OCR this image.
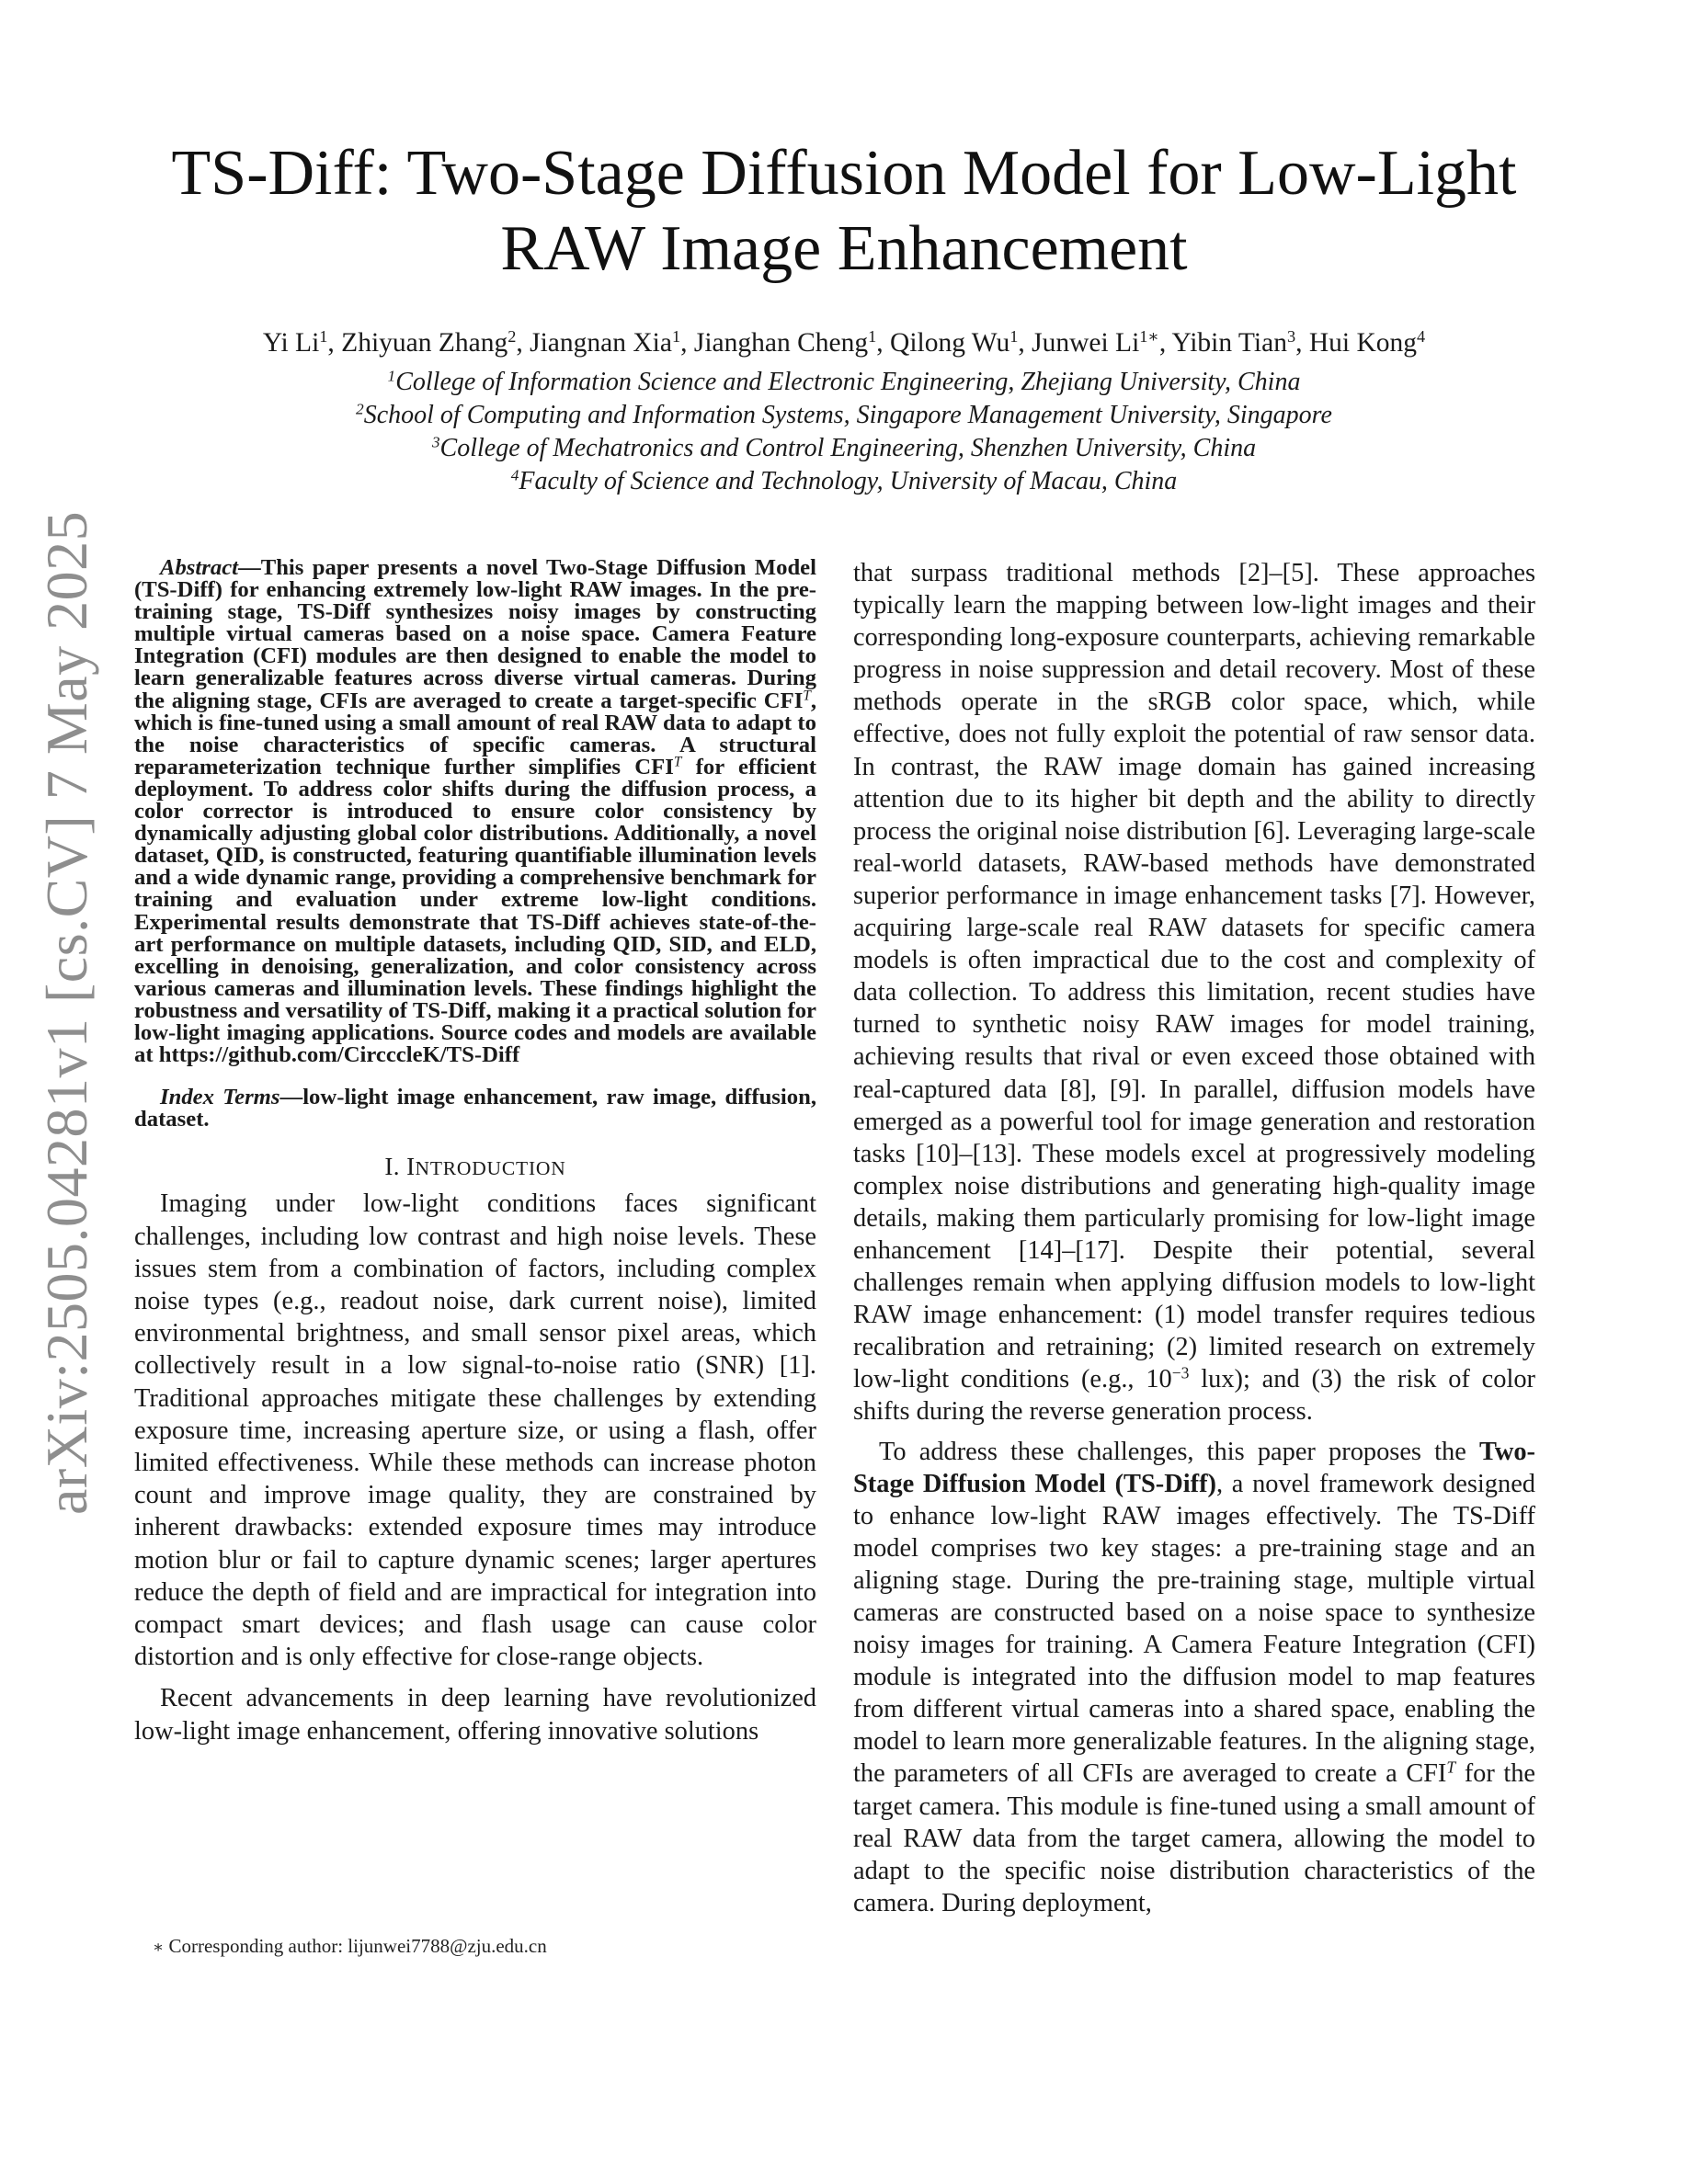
TS-Diff: Two-Stage Diffusion Model for Low-Light
RAW Image Enhancement
Yi Li$^1$, Zhiyuan Zhang$^2$, Jiangnan Xia$^1$, Jianghan Cheng$^1$, Qilong Wu$^1$, Junwei $Li^{1∗}$, Yibin Tian$^3$, Hui Kong$^4$
$^1$College of Information Science and Electronic Engineering, Zhejiang University, China
$^2$School of Computing and Information Systems, Singapore Management University, Singapore
$^3$College of Mechatronics and Control Engineering, Shenzhen University, China
$^4$Faculty of Science and Technology, University of Macau, China
arXiv:2505.04281v1 [cs.CV] 7 May 2025	Abstract—This paper presents a novel Two-Stage Diffusion Model (TS-Diff) for enhancing extremely low-light RAW images. In the pre-training stage, TS-Diff synthesizes noisy images by constructing multiple virtual cameras based on a noise space. Camera Feature Integration (CFI) modules are then designed to enable the model to learn generalizable features across diverse virtual cameras. During the aligning stage, CFIs are averaged to create a target-specific $CFI^T$, which is fine-tuned using a small amount of real RAW data to adapt to the noise characteristics of specific cameras. A structural reparameterization technique further simplifies $CFI^T$ for efficient deployment. To address color shifts during the diffusion process, a color corrector is introduced to ensure color consistency by dynamically adjusting global color distributions. Additionally, a novel dataset, QID, is constructed, featuring quantifiable illumination levels and a wide dynamic range, providing a comprehensive benchmark for training and evaluation under extreme low-light conditions. Experimental results demonstrate that TS-Diff achieves state-of-the-art performance on multiple datasets, including QID, SID, and ELD, excelling in denoising, generalization, and color consistency across various cameras and illumination levels. These findings highlight the robustness and versatility of TS-Diff, making it a practical solution for low-light imaging applications. Source codes and models are available at https://github.com/CircccleK/TS-Diff

Index Terms—low-light image enhancement, raw image, diffusion, dataset.

I. INTRODUCTION

Imaging under low-light conditions faces significant challenges, including low contrast and high noise levels. These issues stem from a combination of factors, including complex noise types (e.g., readout noise, dark current noise), limited environmental brightness, and small sensor pixel areas, which collectively result in a low signal-to-noise ratio (SNR) [1]. Traditional approaches mitigate these challenges by extending exposure time, increasing aperture size, or using a flash, offer limited effectiveness. While these methods can increase photon count and improve image quality, they are constrained by inherent drawbacks: extended exposure times may introduce motion blur or fail to capture dynamic scenes; larger apertures reduce the depth of field and are impractical for integration into compact smart devices; and flash usage can cause color distortion and is only effective for close-range objects.

Recent advancements in deep learning have revolutionized low-light image enhancement, offering innovative solutions

that surpass traditional methods [2]–[5]. These approaches typically learn the mapping between low-light images and their corresponding long-exposure counterparts, achieving remarkable progress in noise suppression and detail recovery. Most of these methods operate in the sRGB color space, which, while effective, does not fully exploit the potential of raw sensor data. In contrast, the RAW image domain has gained increasing attention due to its higher bit depth and the ability to directly process the original noise distribution [6]. Leveraging large-scale real-world datasets, RAW-based methods have demonstrated superior performance in image enhancement tasks [7]. However, acquiring large-scale real RAW datasets for specific camera models is often impractical due to the cost and complexity of data collection. To address this limitation, recent studies have turned to synthetic noisy RAW images for model training, achieving results that rival or even exceed those obtained with real-captured data [8], [9]. In parallel, diffusion models have emerged as a powerful tool for image generation and restoration tasks [10]–[13]. These models excel at progressively modeling complex noise distributions and generating high-quality image details, making them particularly promising for low-light image enhancement [14]–[17]. Despite their potential, several challenges remain when applying diffusion models to low-light RAW image enhancement: (1) model transfer requires tedious recalibration and retraining; (2) limited research on extremely low-light conditions (e.g., $10^{-3}$ lux); and (3) the risk of color shifts during the reverse generation process.

To address these challenges, this paper proposes the Two-Stage Diffusion Model (TS-Diff), a novel framework designed to enhance low-light RAW images effectively. The TS-Diff model comprises two key stages: a pre-training stage and an aligning stage. During the pre-training stage, multiple virtual cameras are constructed based on a noise space to synthesize noisy images for training. A Camera Feature Integration (CFI) module is integrated into the diffusion model to map features from different virtual cameras into a shared space, enabling the model to learn more generalizable features. In the aligning stage, the parameters of all CFIs are averaged to create a $CFI^T$ for the target camera. This module is fine-tuned using a small amount of real RAW data from the target camera, allowing the model to adapt to the specific noise distribution characteristics of the camera. During deployment,

∗ Corresponding author: lijunwei7788@zju.edu.cn
